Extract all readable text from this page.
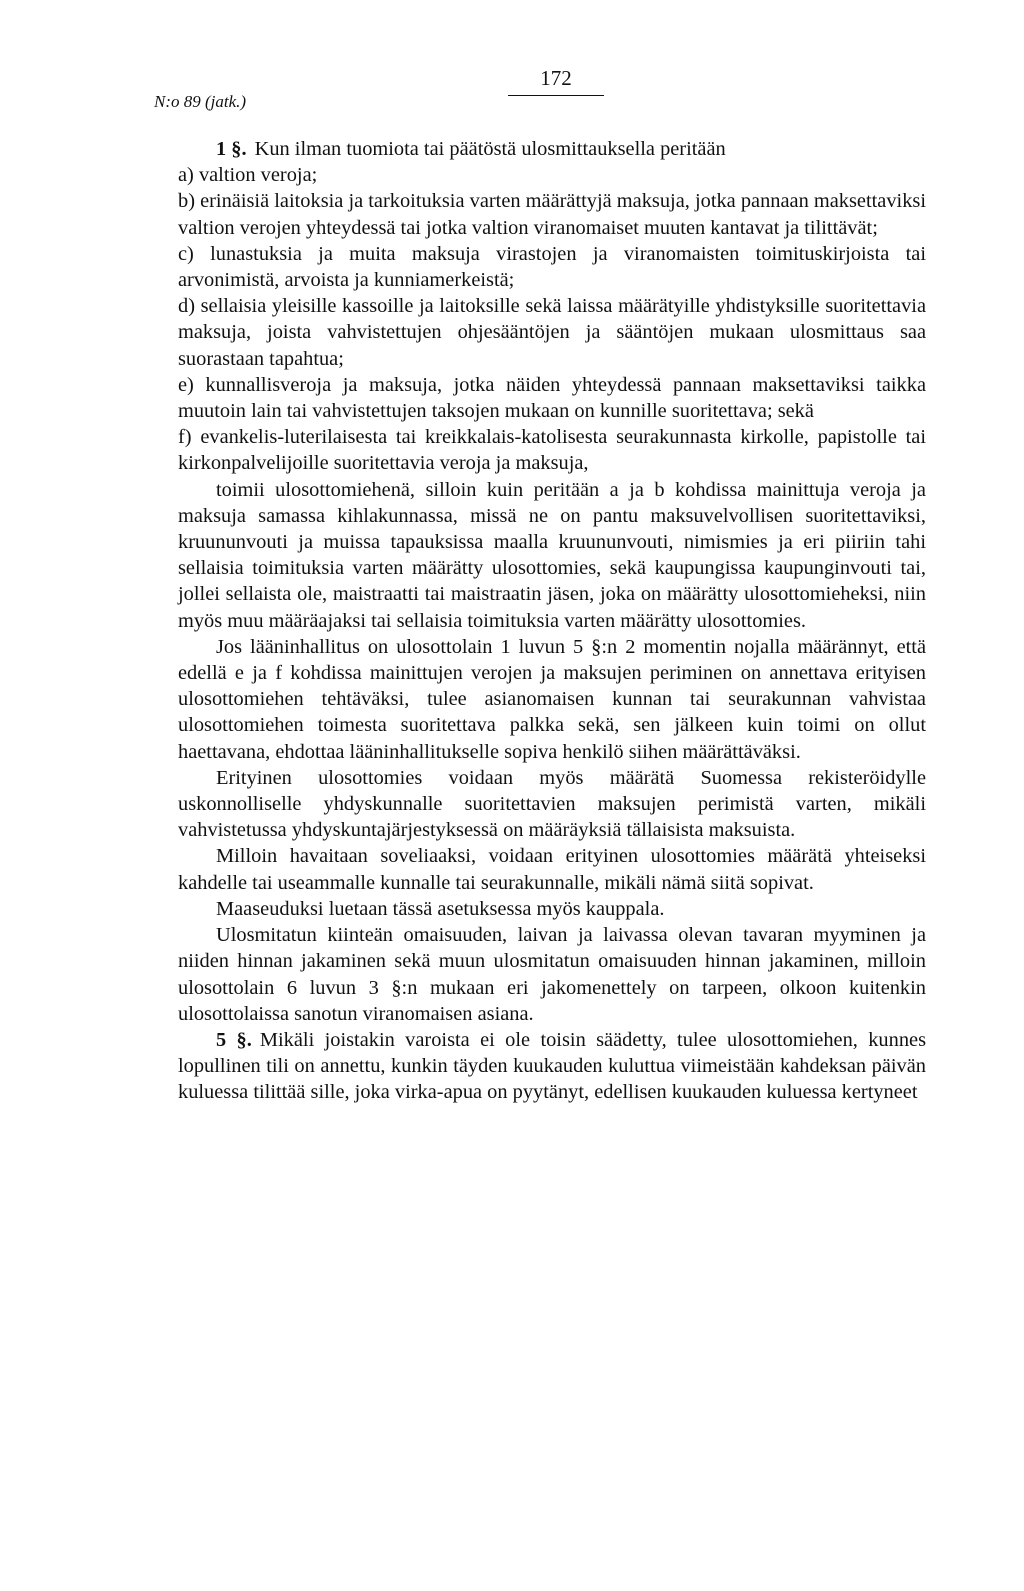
N:o 89 (jatk.)
172

1 §. Kun ilman tuomiota tai päätöstä ulosmittauksella peritään

a) valtion veroja;

b) erinäisiä laitoksia ja tarkoituksia varten määrättyjä maksuja, jotka pannaan maksettaviksi valtion verojen yhteydessä tai jotka valtion viranomaiset muuten kantavat ja tilittävät;

c) lunastuksia ja muita maksuja virastojen ja viranomaisten toimituskirjoista tai arvonimistä, arvoista ja kunniamerkeistä;

d) sellaisia yleisille kassoille ja laitoksille sekä laissa määrätyille yhdistyksille suoritettavia maksuja, joista vahvistettujen ohjesääntöjen ja sääntöjen mukaan ulosmittaus saa suorastaan tapahtua;

e) kunnallisveroja ja maksuja, jotka näiden yhteydessä pannaan maksettaviksi taikka muutoin lain tai vahvistettujen taksojen mukaan on kunnille suoritettava; sekä

f) evankelis-luterilaisesta tai kreikkalais-katolisesta seurakunnasta kirkolle, papistolle tai kirkonpalvelijoille suoritettavia veroja ja maksuja,

toimii ulosottomiehenä, silloin kuin peritään a ja b kohdissa mainittuja veroja ja maksuja samassa kihlakunnassa, missä ne on pantu maksuvelvollisen suoritettaviksi, kruununvouti ja muissa tapauksissa maalla kruununvouti, nimismies ja eri piiriin tahi sellaisia toimituksia varten määrätty ulosottomies, sekä kaupungissa kaupunginvouti tai, jollei sellaista ole, maistraatti tai maistraatin jäsen, joka on määrätty ulosottomieheksi, niin myös muu määräajaksi tai sellaisia toimituksia varten määrätty ulosottomies.

Jos lääninhallitus on ulosottolain 1 luvun 5 §:n 2 momentin nojalla määrännyt, että edellä e ja f kohdissa mainittujen verojen ja maksujen periminen on annettava erityisen ulosottomiehen tehtäväksi, tulee asianomaisen kunnan tai seurakunnan vahvistaa ulosottomiehen toimesta suoritettava palkka sekä, sen jälkeen kuin toimi on ollut haettavana, ehdottaa lääninhallitukselle sopiva henkilö siihen määrättäväksi.

Erityinen ulosottomies voidaan myös määrätä Suomessa rekisteröidylle uskonnolliselle yhdyskunnalle suoritettavien maksujen perimistä varten, mikäli vahvistetussa yhdyskuntajärjestyksessä on määräyksiä tällaisista maksuista.

Milloin havaitaan soveliaaksi, voidaan erityinen ulosottomies määrätä yhteiseksi kahdelle tai useammalle kunnalle tai seurakunnalle, mikäli nämä siitä sopivat.

Maaseuduksi luetaan tässä asetuksessa myös kauppala.

Ulosmitatun kiinteän omaisuuden, laivan ja laivassa olevan tavaran myyminen ja niiden hinnan jakaminen sekä muun ulosmitatun omaisuuden hinnan jakaminen, milloin ulosottolain 6 luvun 3 §:n mukaan eri jakomenettely on tarpeen, olkoon kuitenkin ulosottolaissa sanotun viranomaisen asiana.

5 §. Mikäli joistakin varoista ei ole toisin säädetty, tulee ulosottomiehen, kunnes lopullinen tili on annettu, kunkin täyden kuukauden kuluttua viimeistään kahdeksan päivän kuluessa tilittää sille, joka virka-apua on pyytänyt, edellisen kuukauden kuluessa kertyneet
